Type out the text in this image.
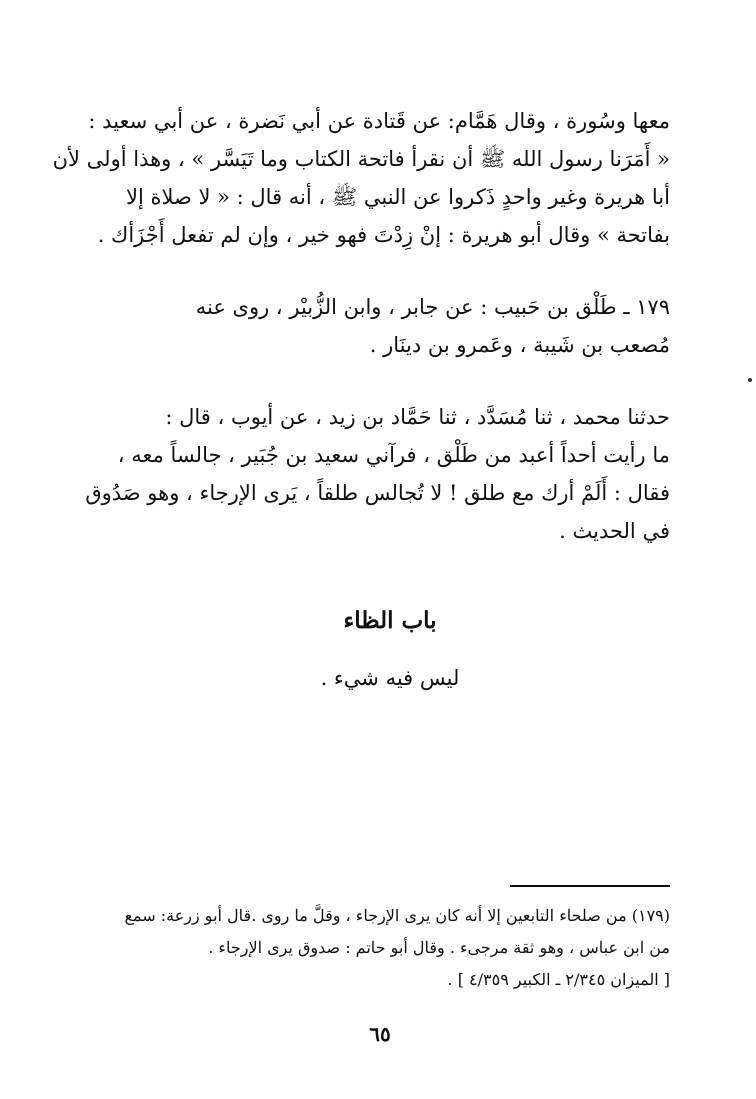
معها وسُورة ، وقال هَمَّام: عن قَتادة عن أبي نَضرة ، عن أبي سعيد :
« أَمَرَنا رسول الله ﷺ أن نقرأ فاتحة الكتاب وما تَيَسَّر » ، وهذا أولى لأن
أبا هريرة وغير واحدٍ ذَكروا عن النبي ﷺ ، أنه قال : « لا صلاة إلا
بفاتحة » وقال أبو هريرة : إنْ زِدْتَ فهو خير ، وإن لم تفعل أَجْزَأك .
١٧٩ ـ طَلْق بن حَبيب : عن جابر ، وابن الزُّبيْر ، روى عنه
مُصعب بن شَيبة ، وعَمرو بن دينَار .
حدثنا محمد ، ثنا مُسَدَّد ، ثنا حَمَّاد بن زيد ، عن أيوب ، قال :
ما رأيت أحداً أعبد من طَلْق ، فرآني سعيد بن جُبَير ، جالساً معه ،
فقال : أَلَمْ أرك مع طلق ! لا تُجالس طلقاً ، يَرى الإرجاء ، وهو صَدُوق
في الحديث .
باب الظاء
ليس فيه شيء .
(١٧٩) من صلحاء التابعين إلا أنه كان يرى الإرجاء ، وقلَّ ما روى .قال أبو زرعة: سمع
من ابن عباس ، وهو ثقة مرجىء . وقال أبو حاتم : صدوق يرى الإرجاء .
[ الميزان ٢/٣٤٥ ـ الكبير ٤/٣٥٩ ] .
٦٥
